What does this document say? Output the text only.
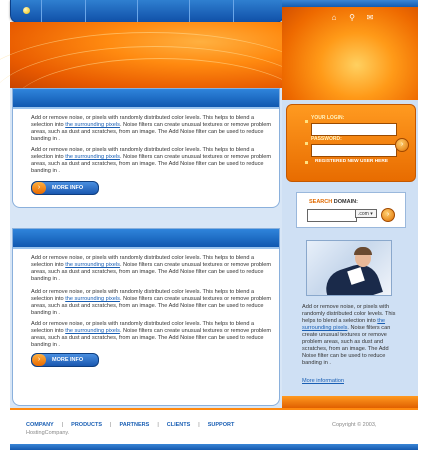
⌂ ⚲ ✉
Add or remove noise, or pixels with randomly distributed color levels. This helps to blend a selection into the surrounding pixels. Noise filters can create unusual textures or remove problem areas, such as dust and scratches, from an image. The Add Noise filter can be used to reduce banding in .
Add or remove noise, or pixels with randomly distributed color levels. This helps to blend a selection into the surrounding pixels. Noise filters can create unusual textures or remove problem areas, such as dust and scratches, from an image. The Add Noise filter can be used to reduce banding in .
›	MORE INFO
Add or remove noise, or pixels with randomly distributed color levels. This helps to blend a selection into the surrounding pixels. Noise filters can create unusual textures or remove problem areas, such as dust and scratches, from an image. The Add Noise filter can be used to reduce banding in .
Add or remove noise, or pixels with randomly distributed color levels. This helps to blend a selection into the surrounding pixels. Noise filters can create unusual textures or remove problem areas, such as dust and scratches, from an image. The Add Noise filter can be used to reduce banding in .
Add or remove noise, or pixels with randomly distributed color levels. This helps to blend a selection into the surrounding pixels. Noise filters can create unusual textures or remove problem areas, such as dust and scratches, from an image. The Add Noise filter can be used to reduce banding in .
›	MORE INFO
YOUR LOGIN:
PASSWORD:
›
REGISTERED NEW USER HERE
SEARCH DOMAIN:
.com ▾	›
Add or remove noise, or pixels with randomly distributed color levels. This helps to blend a selection into the surrounding pixels. Noise filters can create unusual textures or remove problem areas, such as dust and scratches, from an image. The Add Noise filter can be used to reduce banding in .
More information
COMPANY | PRODUCTS | PARTNERS | CLIENTS | SUPPORT	Copyright © 2003,
HostingCompany.
